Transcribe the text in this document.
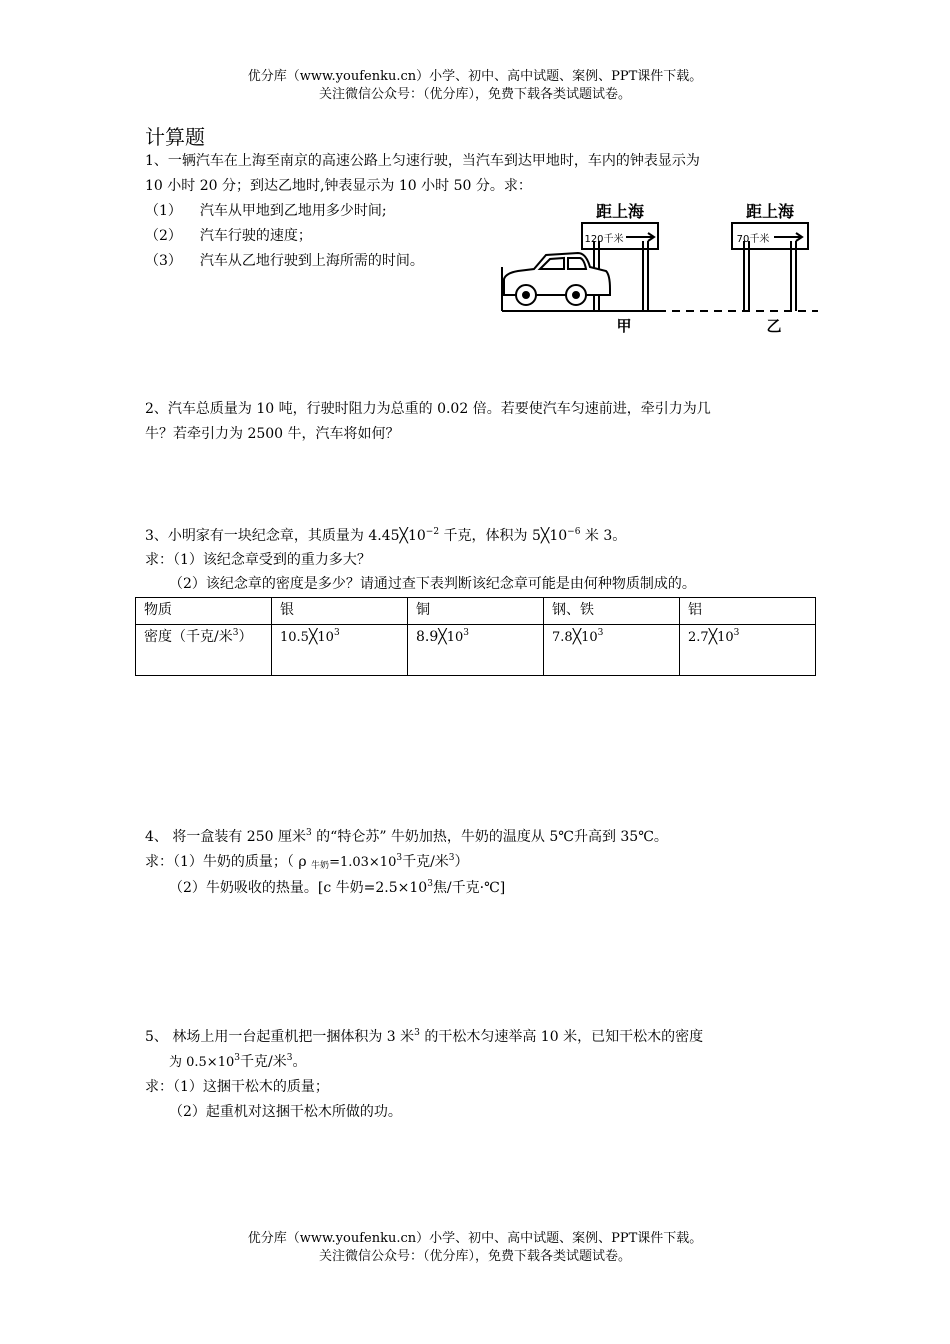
优分库（www.youfenku.cn）小学、初中、高中试题、案例、PPT课件下载。
关注微信公众号：（优分库），免费下载各类试题试卷。
计算题
1、一辆汽车在上海至南京的高速公路上匀速行驶，当汽车到达甲地时，车内的钟表显示为
10 小时 20 分；到达乙地时,钟表显示为 10 小时 50 分。求：
（1） 汽车从甲地到乙地用多少时间;
（2） 汽车行驶的速度；
（3） 汽车从乙地行驶到上海所需的时间。
距上海
120千米
距上海
70千米
甲	乙
2、汽车总质量为 10 吨，行驶时阻力为总重的 0.02 倍。若要使汽车匀速前进，牵引力为几
牛？若牵引力为 2500 牛，汽车将如何？
3、小明家有一块纪念章，其质量为 $4.45╳10^{-2}$ 千克，体积为 $5╳10^{-6}$ 米 3。
求：（1）该纪念章受到的重力多大？
（2）该纪念章的密度是多少？请通过查下表判断该纪念章可能是由何种物质制成的。
物质	银	铜	钢、铁	铝
密度（千克/米$^3$）	$10.5╳10^3$	$8.9╳10^3$	$7.8╳10^3$	$2.7╳10^3$
4、 将一盒装有 250 厘米$^3$ 的“特仑苏” 牛奶加热，牛奶的温度从 5℃升高到 35℃。
求：（1）牛奶的质量；（ ρ $_{牛奶}=1.03\times 10^3$千克/米$^3$）
（2）牛奶吸收的热量。[c 牛奶$=2.5\times 10^3$焦/千克·℃]
5、 林场上用一台起重机把一捆体积为 3 米$^3$ 的干松木匀速举高 10 米，已知干松木的密度
为 $0.5\times 10^3$千克/米$^3$。
求：（1）这捆干松木的质量；
（2）起重机对这捆干松木所做的功。
优分库（www.youfenku.cn）小学、初中、高中试题、案例、PPT课件下载。
关注微信公众号：（优分库），免费下载各类试题试卷。
